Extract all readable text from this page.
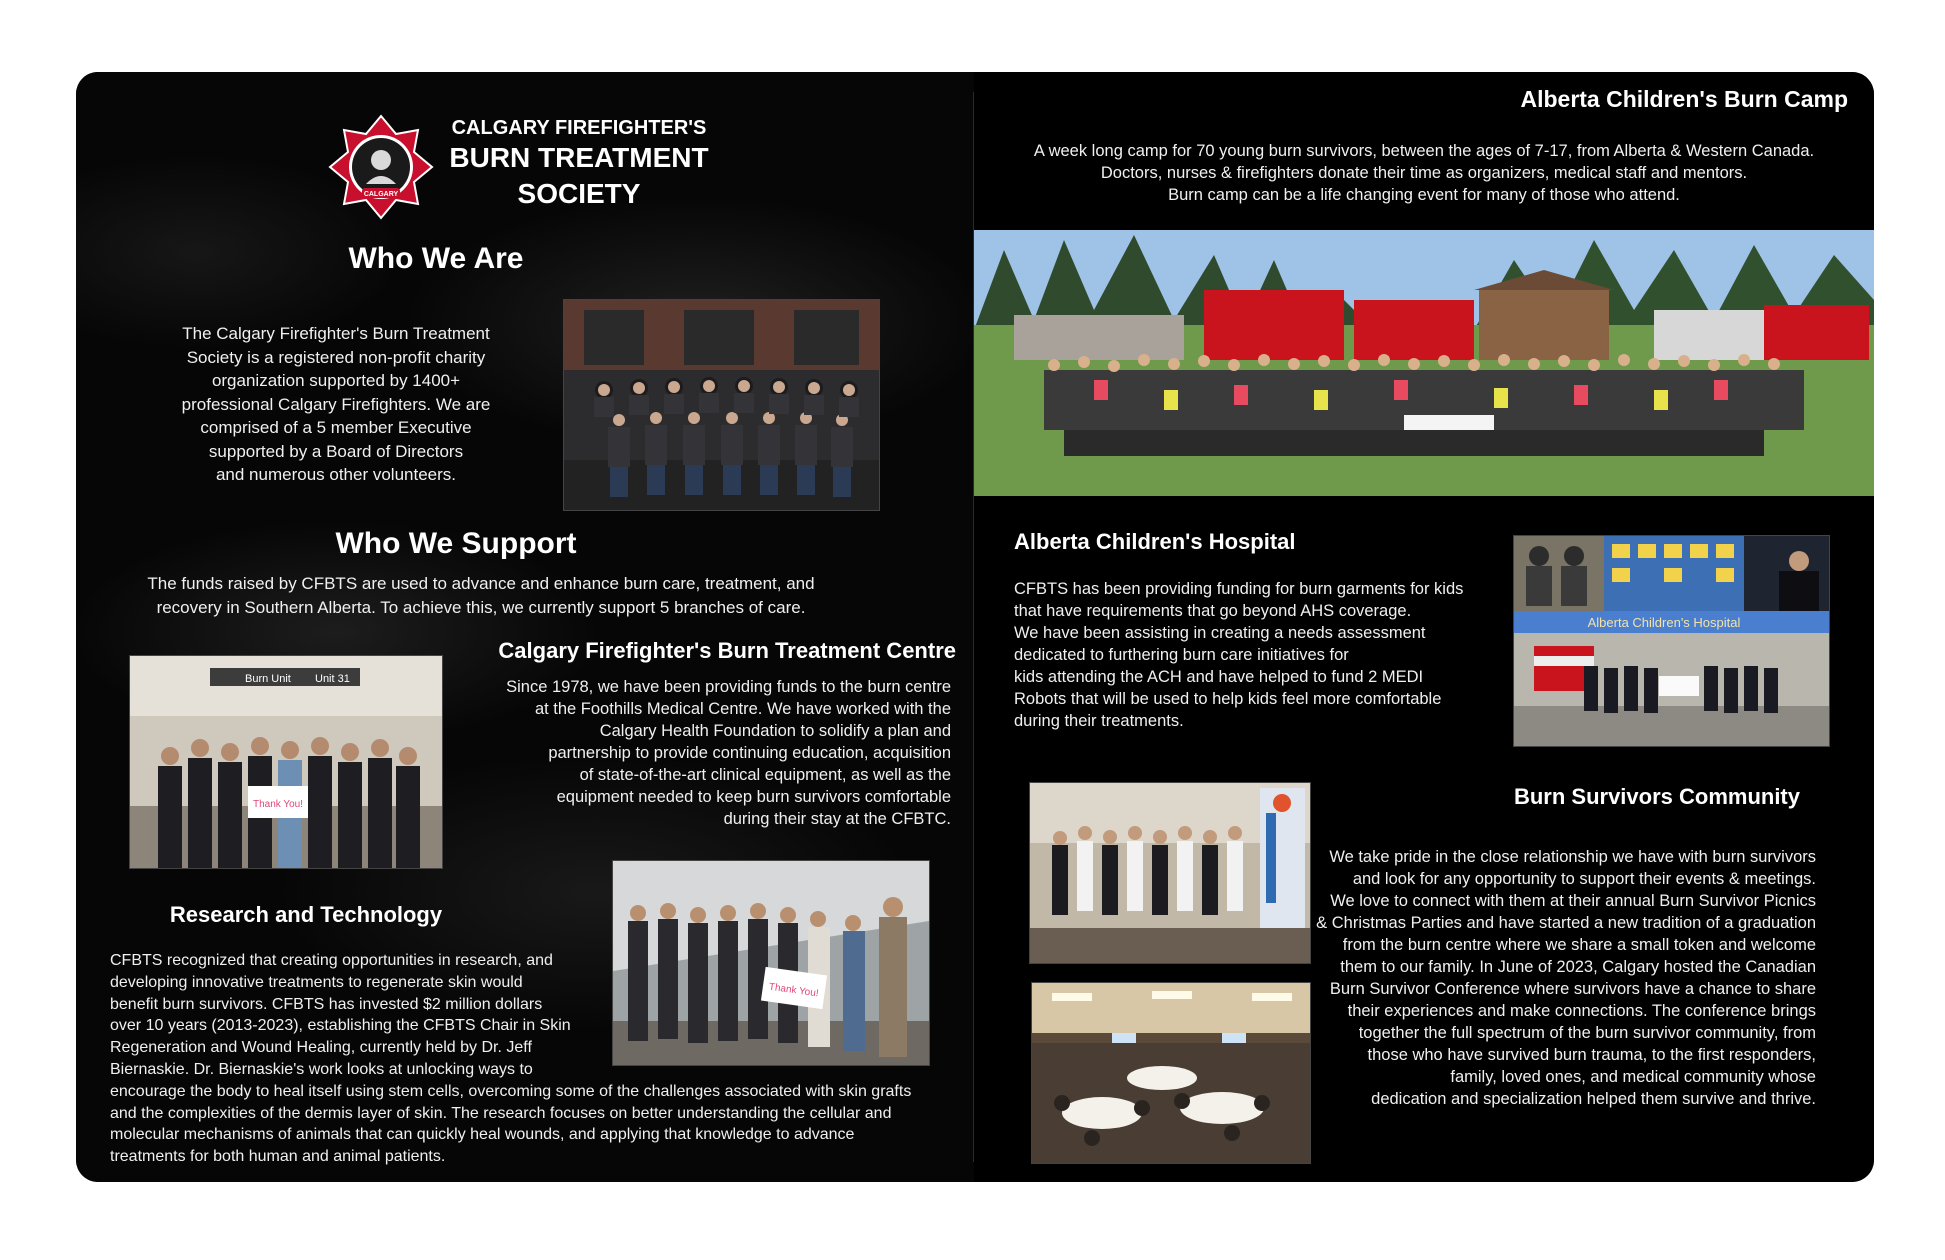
CALGARY
CALGARY FIREFIGHTER'S
BURN TREATMENT
SOCIETY
Who We Are
The Calgary Firefighter's Burn Treatment
Society is a registered non-profit charity
organization supported by 1400+
professional Calgary Firefighters. We are
comprised of a 5 member Executive
supported by a Board of Directors
and numerous other volunteers.
Who We Support
The funds raised by CFBTS are used to advance and enhance burn care, treatment, and
recovery in Southern Alberta. To achieve this, we currently support 5 branches of care.
Burn Unit Unit 31
Thank You!
Calgary Firefighter's Burn Treatment Centre
Since 1978, we have been providing funds to the burn centre
at the Foothills Medical Centre. We have worked with the
Calgary Health Foundation to solidify a plan and
partnership to provide continuing education, acquisition
of state-of-the-art clinical equipment, as well as the
equipment needed to keep burn survivors comfortable
during their stay at the CFBTC.
Thank You!
Research and Technology
CFBTS recognized that creating opportunities in research, and
developing innovative treatments to regenerate skin would
benefit burn survivors. CFBTS has invested $2 million dollars
over 10 years (2013-2023), establishing the CFBTS Chair in Skin
Regeneration and Wound Healing, currently held by Dr. Jeff
Biernaskie. Dr. Biernaskie's work looks at unlocking ways to
encourage the body to heal itself using stem cells, overcoming some of the challenges associated with skin grafts
and the complexities of the dermis layer of skin. The research focuses on better understanding the cellular and
molecular mechanisms of animals that can quickly heal wounds, and applying that knowledge to advance
treatments for both human and animal patients.
Alberta Children's Burn Camp
A week long camp for 70 young burn survivors, between the ages of 7-17, from Alberta & Western Canada.
Doctors, nurses & firefighters donate their time as organizers, medical staff and mentors.
Burn camp can be a life changing event for many of those who attend.
Alberta Children's Hospital
CFBTS has been providing funding for burn garments for kids
that have requirements that go beyond AHS coverage.
We have been assisting in creating a needs assessment
dedicated to furthering burn care initiatives for
kids attending the ACH and have helped to fund 2 MEDI
Robots that will be used to help kids feel more comfortable
during their treatments.
Alberta Children's Hospital
Burn Survivors Community
We take pride in the close relationship we have with burn survivors
and look for any opportunity to support their events & meetings.
We love to connect with them at their annual Burn Survivor Picnics
& Christmas Parties and have started a new tradition of a graduation
from the burn centre where we share a small token and welcome
them to our family. In June of 2023, Calgary hosted the Canadian
Burn Survivor Conference where survivors have a chance to share
their experiences and make connections. The conference brings
together the full spectrum of the burn survivor community, from
those who have survived burn trauma, to the first responders,
family, loved ones, and medical community whose
dedication and specialization helped them survive and thrive.
